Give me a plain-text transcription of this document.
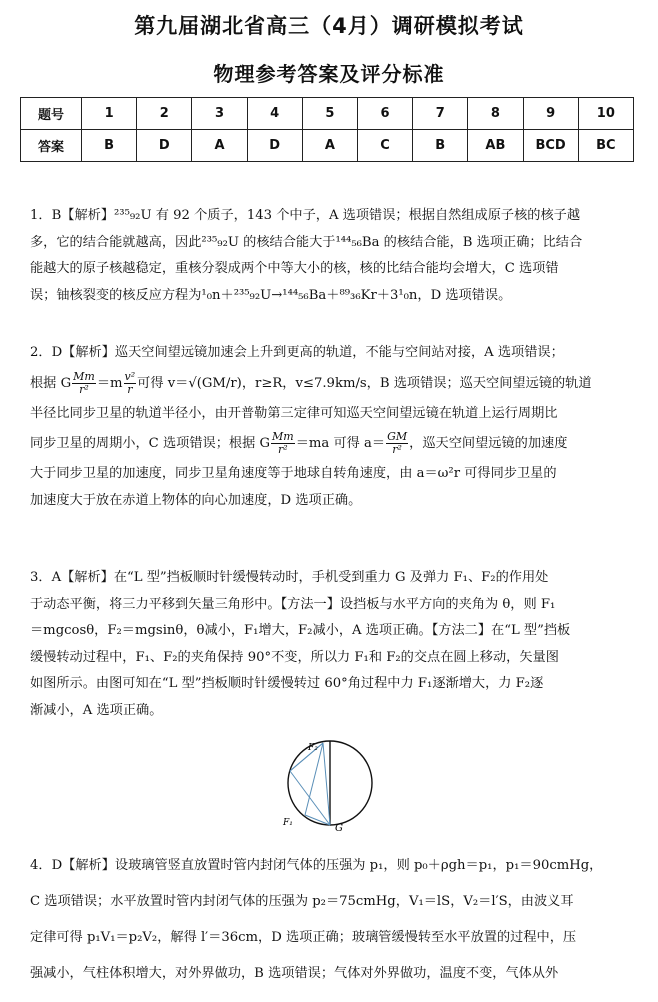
第九届湖北省高三（4月）调研模拟考试
物理参考答案及评分标准
题号	1	2	3	4	5	6	7	8	9	10
答案	B	D	A	D	A	C	B	AB	BCD	BC
1．B【解析】²³⁵₉₂U 有 92 个质子，143 个中子，A 选项错误；根据自然组成原子核的核子越
多，它的结合能就越高，因此²³⁵₉₂U 的核结合能大于¹⁴⁴₅₆Ba 的核结合能，B 选项正确；比结合
能越大的原子核越稳定，重核分裂成两个中等大小的核，核的比结合能均会增大，C 选项错
误；铀核裂变的核反应方程为¹₀n＋²³⁵₉₂U→¹⁴⁴₅₆Ba＋⁸⁹₃₆Kr＋3¹₀n，D 选项错误。
2．D【解析】巡天空间望远镜加速会上升到更高的轨道，不能与空间站对接，A 选项错误；
根据 G $\frac{Mm}{\text{r²}} =m \frac{\text{v²}}{r}$ 可得 v＝√(GM/r)，r≥R，v≤7.9km/s，B 选项错误；巡天空间望远镜的轨道
半径比同步卫星的轨道半径小，由开普勒第三定律可知巡天空间望远镜在轨道上运行周期比
同步卫星的周期小，C 选项错误；根据 G $\frac{Mm}{\text{r²}} =ma$ 可得 $a= \frac{GM}{\text{r²}}$ ，巡天空间望远镜的加速度
大于同步卫星的加速度，同步卫星角速度等于地球自转角速度，由 a＝ω²r 可得同步卫星的
加速度大于放在赤道上物体的向心加速度，D 选项正确。
3．A【解析】在“L 型”挡板顺时针缓慢转动时，手机受到重力 G 及弹力 F₁、F₂的作用处
于动态平衡，将三力平移到矢量三角形中。【方法一】设挡板与水平方向的夹角为 θ，则 F₁
＝mgcosθ，F₂＝mgsinθ，θ减小，F₁增大，F₂减小，A 选项正确。【方法二】在“L 型”挡板
缓慢转动过程中，F₁、F₂的夹角保持 90°不变，所以力 F₁和 F₂的交点在圆上移动，矢量图
如图所示。由图可知在“L 型”挡板顺时针缓慢转过 60°角过程中力 F₁逐渐增大，力 F₂逐
渐减小，A 选项正确。
F₂
F₁	G
4．D【解析】设玻璃管竖直放置时管内封闭气体的压强为 p₁，则 p₀＋ρgh＝p₁，p₁＝90cmHg，
C 选项错误；水平放置时管内封闭气体的压强为 p₂＝75cmHg，V₁＝lS，V₂＝l′S，由波义耳
定律可得 p₁V₁＝p₂V₂，解得 l′＝36cm，D 选项正确；玻璃管缓慢转至水平放置的过程中，压
强减小，气柱体积增大，对外界做功，B 选项错误；气体对外界做功，温度不变，气体从外
